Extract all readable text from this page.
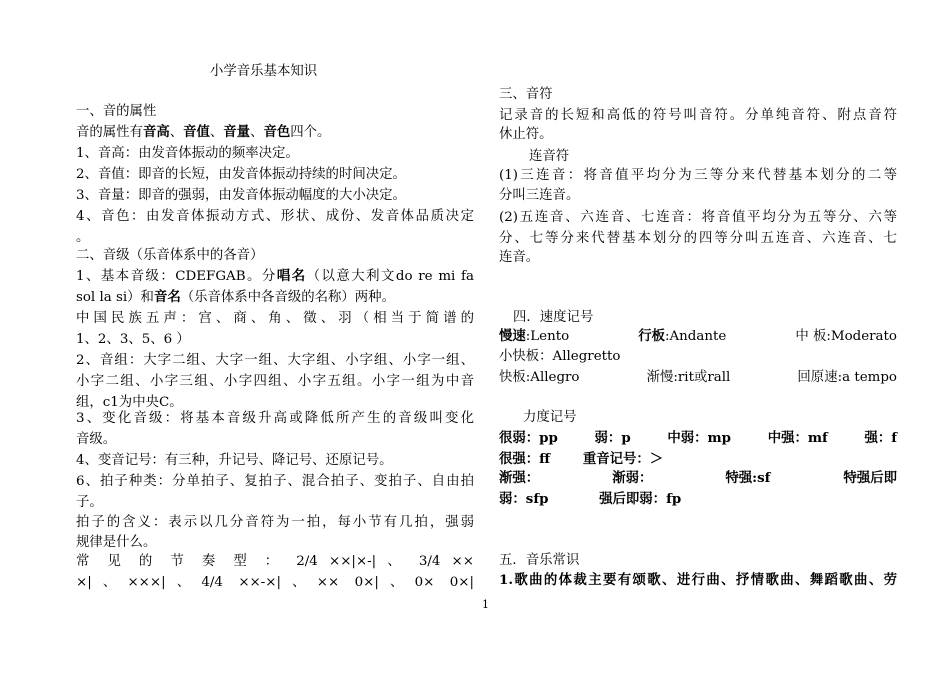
小学音乐基本知识
×|、×××|、4/4 ××-×|、×× 0×|、0× 0×|
常 见 的 节 奏 型 ： 2/4 ××|×-| 、 3/4 ××
规律是什么。
拍子的含义：表示以几分音符为一拍，每小节有几拍，强弱
子。
6、拍子种类：分单拍子、复拍子、混合拍子、变拍子、自由拍
4、变音记号：有三种，升记号、降记号、还原记号。
音级。
3、变化音级：将基本音级升高或降低所产生的音级叫变化
组，c1为中央C。
小字二组、小字三组、小字四组、小字五组。小字一组为中音
2、音组：大字二组、大字一组、大字组、小字组、小字一组、
1、2、3、5、6 ）
中国民族五声：宫、商、角、徵、羽（相当于简谱的
sol la si）和音名（乐音体系中各音级的名称）两种。
1、基本音级：CDEFGAB。分唱名（以意大利文do re mi fa
二、音级（乐音体系中的各音）
。
4、音色：由发音体振动方式、形状、成份、发音体品质决定
3、音量：即音的强弱，由发音体振动幅度的大小决定。
2、音值：即音的长短，由发音体振动持续的时间决定。
1、音高：由发音体振动的频率决定。
音的属性有音高、音值、音量、音色四个。
一、音的属性
四．速度记号
连音。
分、七等分来代替基本划分的四等分叫五连音、六连音、七
(2)五连音、六连音、七连音：将音值平均分为五等分、六等
分叫三连音。
(1)三连音：将音值平均分为三等分来代替基本划分的二等
连音符
休止符。
记录音的长短和高低的符号叫音符。分单纯音符、附点音符
三、音符
慢速:Lento	行板:Andante	中 板:Moderato
小快板：Allegretto
快板:Allegro	渐慢:rit或rall	回原速:a tempo
力度记号
很弱：pp	弱：p	中弱：mp	中强：mf	强：f
很强：ff 重音记号：＞
渐强：	渐弱：	特强:sf	特强后即
弱：sfp	强后即弱：fp
五．音乐常识
1.歌曲的体裁主要有颂歌、进行曲、抒情歌曲、舞蹈歌曲、劳
1
